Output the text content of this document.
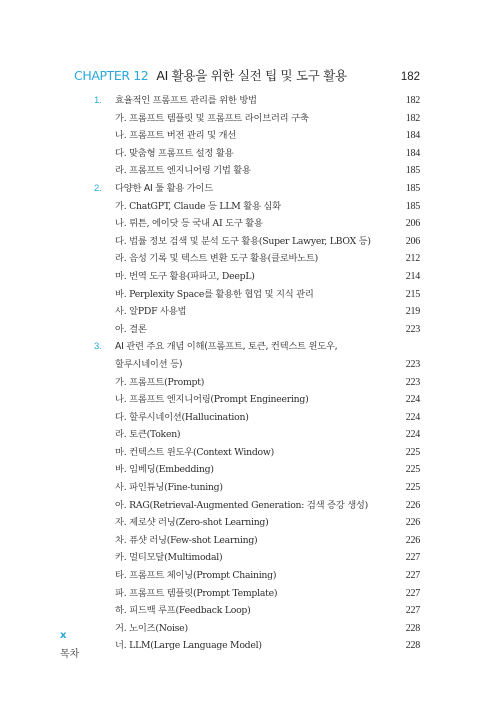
CHAPTER 12 AI 활용을 위한 실전 팁 및 도구 활용	182
1.	효율적인 프롬프트 관리를 위한 방법	182
가. 프롬프트 템플릿 및 프롬프트 라이브러리 구축	182
나. 프롬프트 버전 관리 및 개선	184
다. 맞춤형 프롬프트 설정 활용	184
라. 프롬프트 엔지니어링 기법 활용	185
2.	다양한 AI 툴 활용 가이드	185
가. ChatGPT, Claude 등 LLM 활용 심화	185
나. 뤼튼, 에이닷 등 국내 AI 도구 활용	206
다. 법률 정보 검색 및 분석 도구 활용(Super Lawyer, LBOX 등)	206
라. 음성 기록 및 텍스트 변환 도구 활용(클로바노트)	212
마. 번역 도구 활용(파파고, DeepL)	214
바. Perplexity Space를 활용한 협업 및 지식 관리	215
사. 알PDF 사용법	219
아. 결론	223
3.	AI 관련 주요 개념 이해(프롬프트, 토큰, 컨텍스트 윈도우,
할루시네이션 등)	223
가. 프롬프트(Prompt)	223
나. 프롬프트 엔지니어링(Prompt Engineering)	224
다. 할루시네이션(Hallucination)	224
라. 토큰(Token)	224
마. 컨텍스트 윈도우(Context Window)	225
바. 임베딩(Embedding)	225
사. 파인튜닝(Fine-tuning)	225
아. RAG(Retrieval-Augmented Generation: 검색 증강 생성)	226
자. 제로샷 러닝(Zero-shot Learning)	226
차. 퓨샷 러닝(Few-shot Learning)	226
카. 멀티모달(Multimodal)	227
타. 프롬프트 체이닝(Prompt Chaining)	227
파. 프롬프트 템플릿(Prompt Template)	227
하. 피드백 루프(Feedback Loop)	227
거. 노이즈(Noise)	228
너. LLM(Large Language Model)	228
x
목차
